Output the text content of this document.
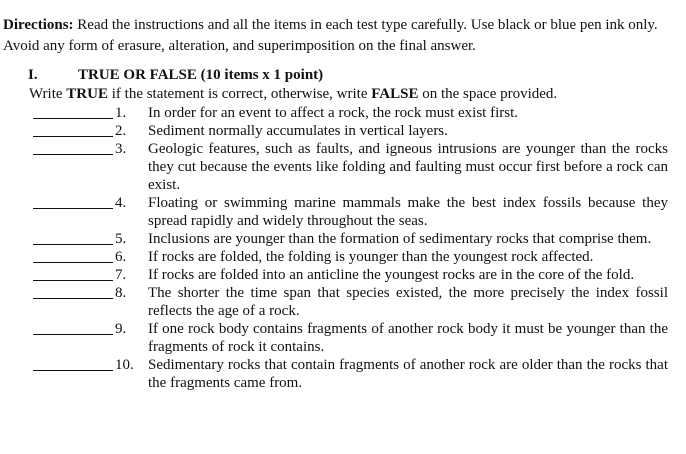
Directions: Read the instructions and all the items in each test type carefully. Use black or blue pen ink only. Avoid any form of erasure, alteration, and superimposition on the final answer.

I.	TRUE OR FALSE (10 items x 1 point)
Write TRUE if the statement is correct, otherwise, write FALSE on the space provided.
1.	In order for an event to affect a rock, the rock must exist first.
2.	Sediment normally accumulates in vertical layers.
3.	Geologic features, such as faults, and igneous intrusions are younger than the rocks they cut because the events like folding and faulting must occur first before a rock can exist.
4.	Floating or swimming marine mammals make the best index fossils because they spread rapidly and widely throughout the seas.
5.	Inclusions are younger than the formation of sedimentary rocks that comprise them.
6.	If rocks are folded, the folding is younger than the youngest rock affected.
7.	If rocks are folded into an anticline the youngest rocks are in the core of the fold.
8.	The shorter the time span that species existed, the more precisely the index fossil reflects the age of a rock.
9.	If one rock body contains fragments of another rock body it must be younger than the fragments of rock it contains.
10. Sedimentary rocks that contain fragments of another rock are older than the rocks that the fragments came from.
